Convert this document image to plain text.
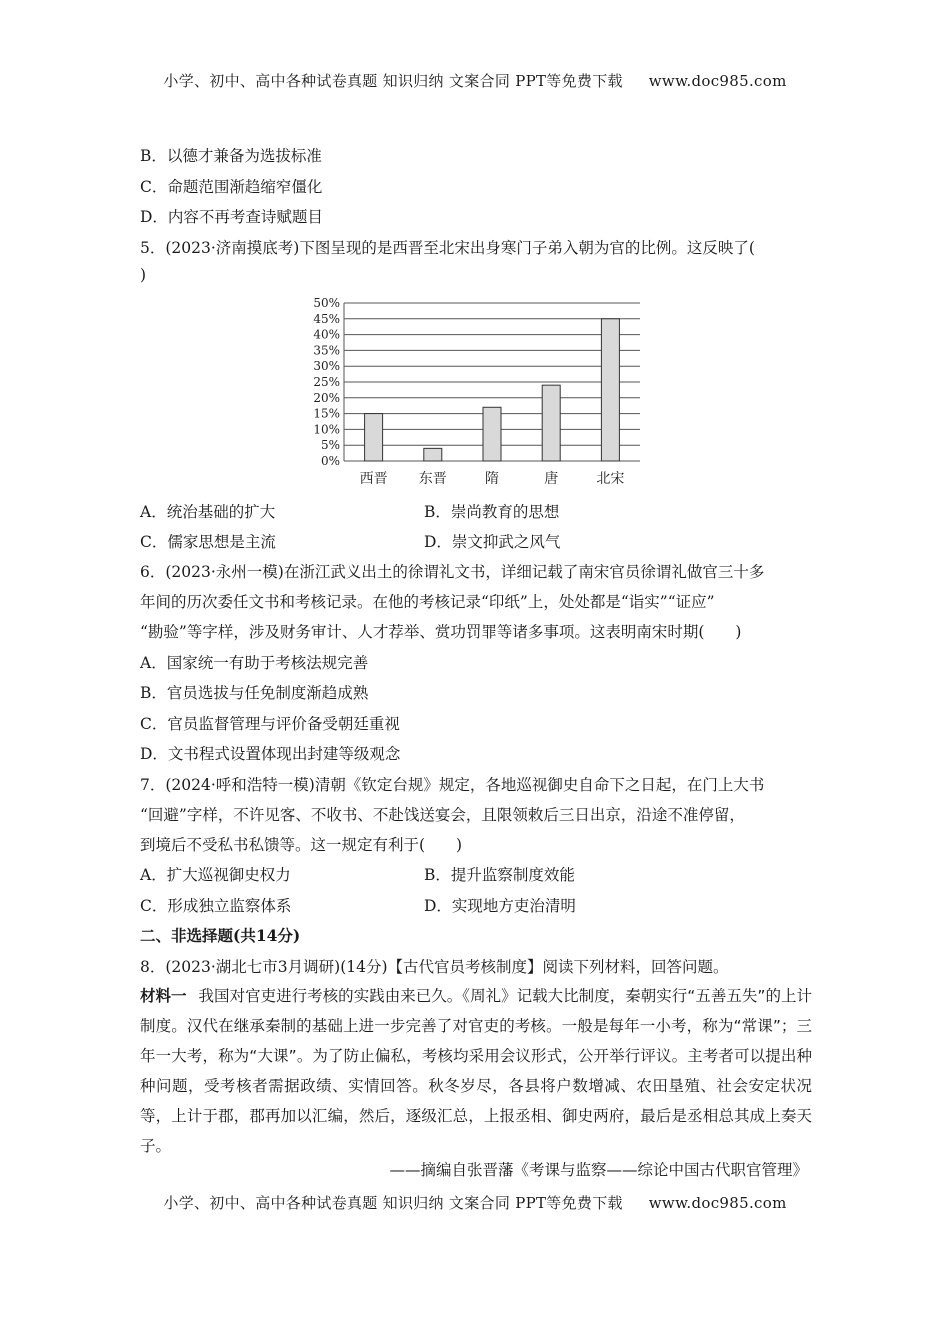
小学、初中、高中各种试卷真题 知识归纳 文案合同 PPT等免费下载 www.doc985.com
B．以德才兼备为选拔标准
C．命题范围渐趋缩窄僵化
D．内容不再考查诗赋题目
5．(2023·济南摸底考)下图呈现的是西晋至北宋出身寒门子弟入朝为官的比例。这反映了(
)
0%
5%
10%
15%
20%
25%
30%
35%
40%
45%
50%
西晋 东晋	隋	唐	北宋
A．统治基础的扩大	B．崇尚教育的思想
C．儒家思想是主流	D．崇文抑武之风气
6．(2023·永州一模)在浙江武义出土的徐谓礼文书，详细记载了南宋官员徐谓礼做官三十多
年间的历次委任文书和考核记录。在他的考核记录“印纸”上，处处都是“诣实”“证应”
“勘验”等字样，涉及财务审计、人才荐举、赏功罚罪等诸多事项。这表明南宋时期(　　)
A．国家统一有助于考核法规完善
B．官员选拔与任免制度渐趋成熟
C．官员监督管理与评价备受朝廷重视
D．文书程式设置体现出封建等级观念
7．(2024·呼和浩特一模)清朝《钦定台规》规定，各地巡视御史自命下之日起，在门上大书
“回避”字样，不许见客、不收书、不赴饯送宴会，且限领敕后三日出京，沿途不准停留，
到境后不受私书私馈等。这一规定有利于(　　)
A．扩大巡视御史权力	B．提升监察制度效能
C．形成独立监察体系	D．实现地方吏治清明
二、非选择题(共14分)
8．(2023·湖北七市3月调研)(14分)【古代官员考核制度】阅读下列材料，回答问题。
材料一 我国对官吏进行考核的实践由来已久。《周礼》记载大比制度，秦朝实行“五善五失”的上计制度。汉代在继承秦制的基础上进一步完善了对官吏的考核。一般是每年一小考，称为“常课”；三年一大考，称为“大课”。为了防止偏私，考核均采用会议形式，公开举行评议。主考者可以提出种种问题，受考核者需据政绩、实情回答。秋冬岁尽，各县将户数增减、农田垦殖、社会安定状况等，上计于郡，郡再加以汇编，然后，逐级汇总，上报丞相、御史两府，最后是丞相总其成上奏天子。
——摘编自张晋藩《考课与监察——综论中国古代职官管理》
小学、初中、高中各种试卷真题 知识归纳 文案合同 PPT等免费下载 www.doc985.com
